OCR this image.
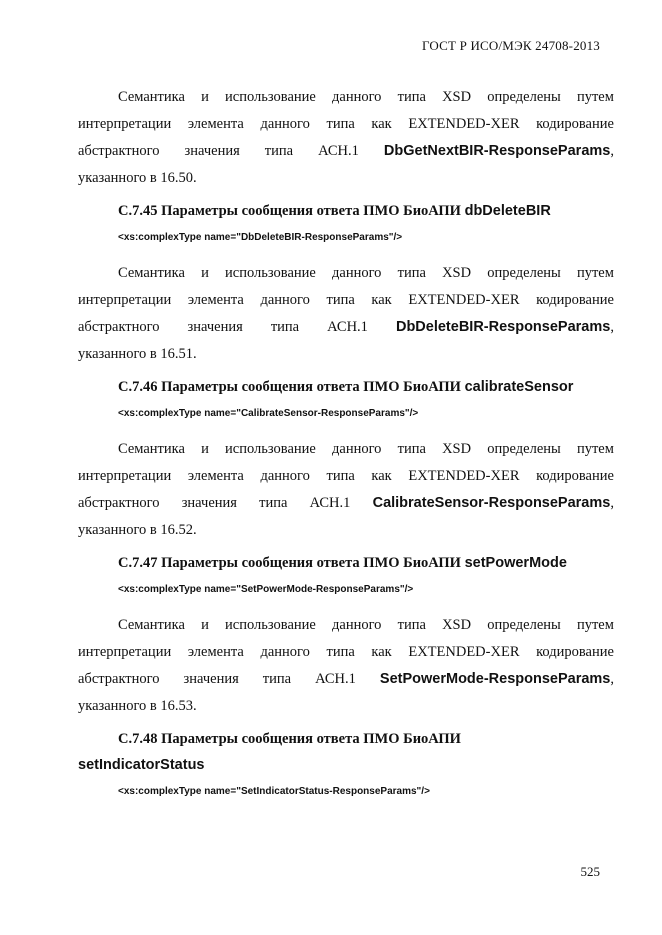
ГОСТ Р ИСО/МЭК 24708-2013
Семантика и использование данного типа XSD определены путем
интерпретации элемента данного типа как EXTENDED-XER кодирование
абстрактного значения типа АСН.1 DbGetNextBIR-ResponseParams,
указанного в 16.50.
С.7.45 Параметры сообщения ответа ПМО БиоАПИ dbDeleteBIR
<xs:complexType name="DbDeleteBIR-ResponseParams"/>
Семантика и использование данного типа XSD определены путем
интерпретации элемента данного типа как EXTENDED-XER кодирование
абстрактного значения типа АСН.1 DbDeleteBIR-ResponseParams,
указанного в 16.51.
С.7.46 Параметры сообщения ответа ПМО БиоАПИ calibrateSensor
<xs:complexType name="CalibrateSensor-ResponseParams"/>
Семантика и использование данного типа XSD определены путем
интерпретации элемента данного типа как EXTENDED-XER кодирование
абстрактного значения типа АСН.1 CalibrateSensor-ResponseParams,
указанного в 16.52.
С.7.47 Параметры сообщения ответа ПМО БиоАПИ setPowerMode
<xs:complexType name="SetPowerMode-ResponseParams"/>
Семантика и использование данного типа XSD определены путем
интерпретации элемента данного типа как EXTENDED-XER кодирование
абстрактного значения типа АСН.1 SetPowerMode-ResponseParams,
указанного в 16.53.
С.7.48 Параметры сообщения ответа ПМО БиоАПИ
setIndicatorStatus
<xs:complexType name="SetIndicatorStatus-ResponseParams"/>
525
